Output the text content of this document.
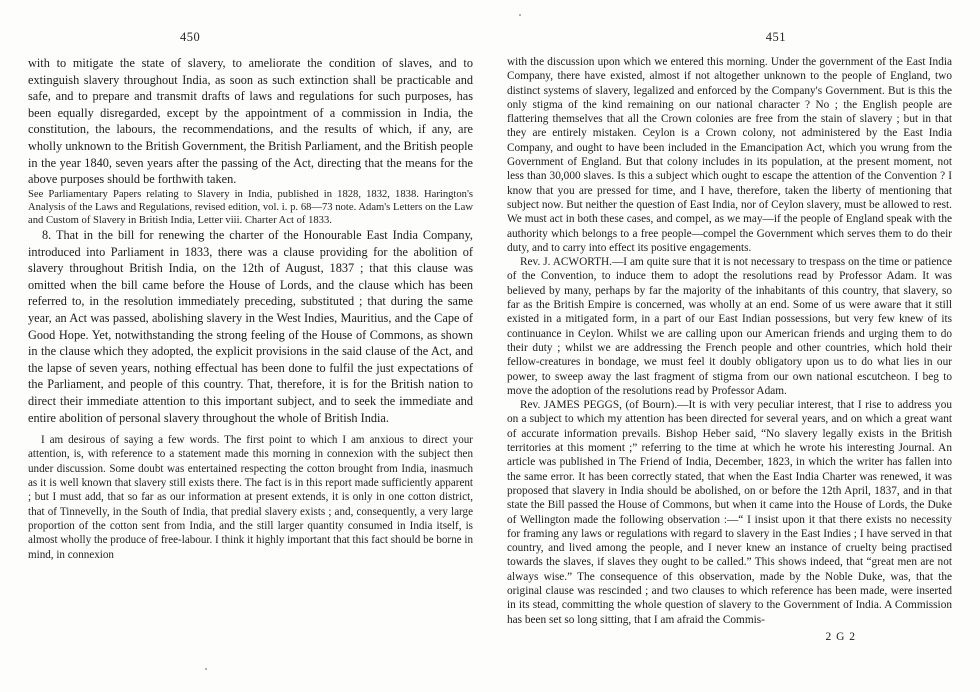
450	451

with to mitigate the state of slavery, to ameliorate the condition of slaves, and to extinguish slavery throughout India, as soon as such extinction shall be practicable and safe, and to prepare and transmit drafts of laws and regulations for such purposes, has been equally disregarded, except by the appointment of a commission in India, the constitution, the labours, the recommendations, and the results of which, if any, are wholly unknown to the British Government, the British Parliament, and the British people in the year 1840, seven years after the passing of the Act, directing that the means for the above purposes should be forthwith taken.

See Parliamentary Papers relating to Slavery in India, published in 1828, 1832, 1838. Harington's Analysis of the Laws and Regulations, revised edition, vol. i. p. 68—73 note. Adam's Letters on the Law and Custom of Slavery in British India, Letter viii. Charter Act of 1833.

8. That in the bill for renewing the charter of the Honourable East India Company, introduced into Parliament in 1833, there was a clause providing for the abolition of slavery throughout British India, on the 12th of August, 1837 ; that this clause was omitted when the bill came before the House of Lords, and the clause which has been referred to, in the resolution immediately preceding, substituted ; that during the same year, an Act was passed, abolishing slavery in the West Indies, Mauritius, and the Cape of Good Hope. Yet, notwithstanding the strong feeling of the House of Commons, as shown in the clause which they adopted, the explicit provisions in the said clause of the Act, and the lapse of seven years, nothing effectual has been done to fulfil the just expectations of the Parliament, and people of this country. That, therefore, it is for the British nation to direct their immediate attention to this important subject, and to seek the immediate and entire abolition of personal slavery throughout the whole of British India.

I am desirous of saying a few words. The first point to which I am anxious to direct your attention, is, with reference to a statement made this morning in connexion with the subject then under discussion. Some doubt was entertained respecting the cotton brought from India, inasmuch as it is well known that slavery still exists there. The fact is in this report made sufficiently apparent ; but I must add, that so far as our information at present extends, it is only in one cotton district, that of Tinnevelly, in the South of India, that predial slavery exists ; and, consequently, a very large proportion of the cotton sent from India, and the still larger quantity consumed in India itself, is almost wholly the produce of free-labour. I think it highly important that this fact should be borne in mind, in connexion

with the discussion upon which we entered this morning. Under the government of the East India Company, there have existed, almost if not altogether unknown to the people of England, two distinct systems of slavery, legalized and enforced by the Company's Government. But is this the only stigma of the kind remaining on our national character ? No ; the English people are flattering themselves that all the Crown colonies are free from the stain of slavery ; but in that they are entirely mistaken. Ceylon is a Crown colony, not administered by the East India Company, and ought to have been included in the Emancipation Act, which you wrung from the Government of England. But that colony includes in its population, at the present moment, not less than 30,000 slaves. Is this a subject which ought to escape the attention of the Convention ? I know that you are pressed for time, and I have, therefore, taken the liberty of mentioning that subject now. But neither the question of East India, nor of Ceylon slavery, must be allowed to rest. We must act in both these cases, and compel, as we may—if the people of England speak with the authority which belongs to a free people—compel the Government which serves them to do their duty, and to carry into effect its positive engagements.

Rev. J. ACWORTH.—I am quite sure that it is not necessary to trespass on the time or patience of the Convention, to induce them to adopt the resolutions read by Professor Adam. It was believed by many, perhaps by far the majority of the inhabitants of this country, that slavery, so far as the British Empire is concerned, was wholly at an end. Some of us were aware that it still existed in a mitigated form, in a part of our East Indian possessions, but very few knew of its continuance in Ceylon. Whilst we are calling upon our American friends and urging them to do their duty ; whilst we are addressing the French people and other countries, which hold their fellow-creatures in bondage, we must feel it doubly obligatory upon us to do what lies in our power, to sweep away the last fragment of stigma from our own national escutcheon. I beg to move the adoption of the resolutions read by Professor Adam.

Rev. JAMES PEGGS, (of Bourn).—It is with very peculiar interest, that I rise to address you on a subject to which my attention has been directed for several years, and on which a great want of accurate information prevails. Bishop Heber said, “No slavery legally exists in the British territories at this moment ;” referring to the time at which he wrote his interesting Journal. An article was published in The Friend of India, December, 1823, in which the writer has fallen into the same error. It has been correctly stated, that when the East India Charter was renewed, it was proposed that slavery in India should be abolished, on or before the 12th April, 1837, and in that state the Bill passed the House of Commons, but when it came into the House of Lords, the Duke of Wellington made the following observation :—“ I insist upon it that there exists no necessity for framing any laws or regulations with regard to slavery in the East Indies ; I have served in that country, and lived among the people, and I never knew an instance of cruelty being practised towards the slaves, if slaves they ought to be called.” This shows indeed, that “great men are not always wise.” The consequence of this observation, made by the Noble Duke, was, that the original clause was rescinded ; and two clauses to which reference has been made, were inserted in its stead, committing the whole question of slavery to the Government of India. A Commission has been set so long sitting, that I am afraid the Commis-

2 G 2
